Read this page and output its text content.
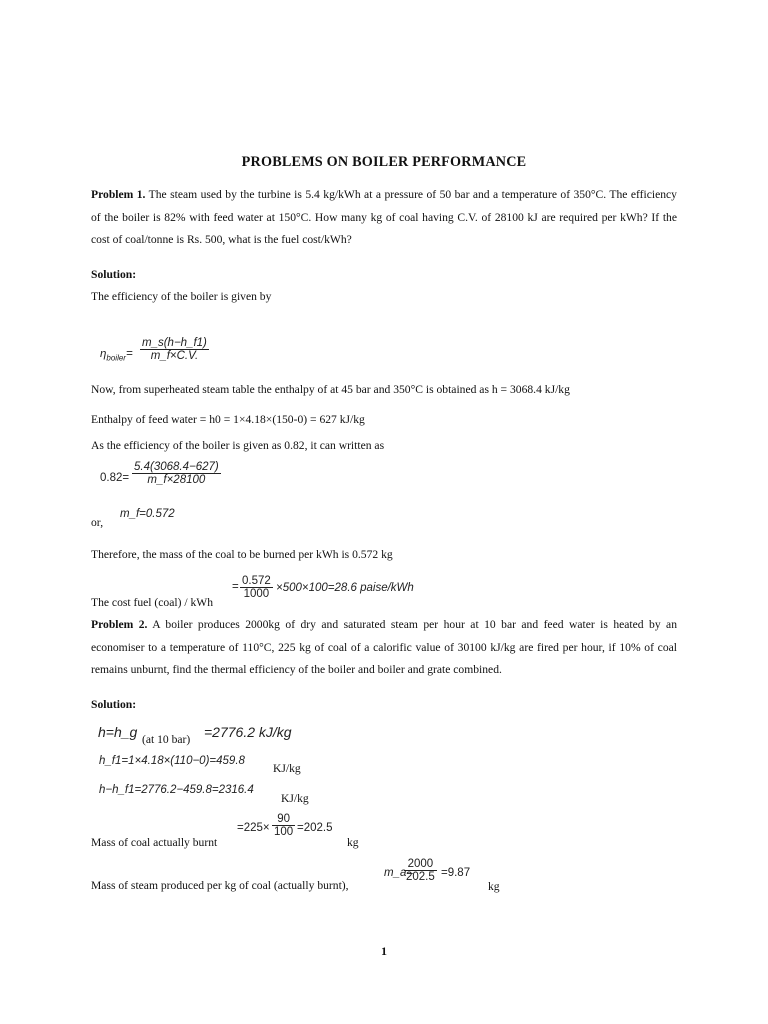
PROBLEMS ON BOILER PERFORMANCE
Problem 1. The steam used by the turbine is 5.4 kg/kWh at a pressure of 50 bar and a temperature of 350°C. The efficiency of the boiler is 82% with feed water at 150°C. How many kg of coal having C.V. of 28100 kJ are required per kWh? If the cost of coal/tonne is Rs. 500, what is the fuel cost/kWh?
Solution:
The efficiency of the boiler is given by
$\eta_{boiler}= \frac{m\_s(h-h\_f1)}{m\_f\times C.V.}$
Now, from superheated steam table the enthalpy of at 45 bar and 350°C is obtained as h = 3068.4 kJ/kg
Enthalpy of feed water = h0 = 1×4.18×(150-0) = 627 kJ/kg
As the efficiency of the boiler is given as 0.82, it can written as
$0.82= \frac{5.4(3068.4-627)}{m\_f\times 28100}$
or,
m_f=0.572
Therefore, the mass of the coal to be burned per kWh is 0.572 kg
The cost fuel (coal) / kWh
= $\frac{0.572}{1000} \times 500\times 100=28.6$ paise/kWh
Problem 2. A boiler produces 2000kg of dry and saturated steam per hour at 10 bar and feed water is heated by an economiser to a temperature of 110°C, 225 kg of coal of a calorific value of 30100 kJ/kg are fired per hour, if 10% of coal remains unburnt, find the thermal efficiency of the boiler and boiler and grate combined.
Solution:
h=h_g (at 10 bar) =2776.2 kJ/kg
h_f1=1×4.18×(110−0)=459.8
KJ/kg
h−h_f1=2776.2−459.8=2316.4
KJ/kg
Mass of coal actually burnt
$=225\times \frac{90}{100} =202.5$
kg
Mass of steam produced per kg of coal (actually burnt),
m_a=
$\frac{2000}{202.5} =9.87$
kg
1
